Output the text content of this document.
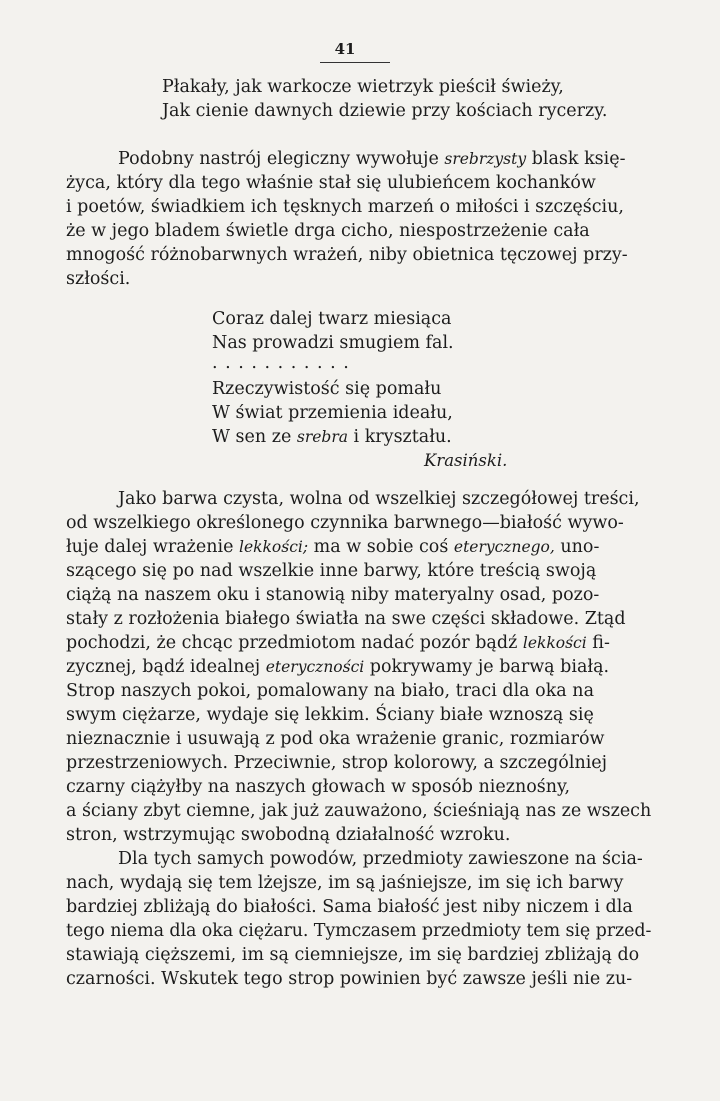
41
Płakały, jak warkocze wietrzyk pieścił świeży,
Jak cienie dawnych dziewie przy kościach rycerzy.
Podobny nastrój elegiczny wywołuje srebrzysty blask księ-
życa, który dla tego właśnie stał się ulubieńcem kochanków
i poetów, świadkiem ich tęsknych marzeń o miłości i szczęściu,
że w jego bladem świetle drga cicho, niespostrzeżenie cała
mnogość różnobarwnych wrażeń, niby obietnica tęczowej przy-
szłości.
Coraz dalej twarz miesiąca
Nas prowadzi smugiem fal.
. . . . . . . . . . .
Rzeczywistość się pomału
W świat przemienia ideału,
W sen ze srebra i kryształu.
Krasiński.
Jako barwa czysta, wolna od wszelkiej szczegółowej treści,
od wszelkiego określonego czynnika barwnego—białość wywo-
łuje dalej wrażenie lekkości; ma w sobie coś eterycznego, uno-
szącego się po nad wszelkie inne barwy, które treścią swoją
ciążą na naszem oku i stanowią niby materyalny osad, pozo-
stały z rozłożenia białego światła na swe części składowe. Ztąd
pochodzi, że chcąc przedmiotom nadać pozór bądź lekkości fi-
zycznej, bądź idealnej eteryczności pokrywamy je barwą białą.
Strop naszych pokoi, pomalowany na biało, traci dla oka na
swym ciężarze, wydaje się lekkim. Ściany białe wznoszą się
nieznacznie i usuwają z pod oka wrażenie granic, rozmiarów
przestrzeniowych. Przeciwnie, strop kolorowy, a szczególniej
czarny ciążyłby na naszych głowach w sposób nieznośny,
a ściany zbyt ciemne, jak już zauważono, ścieśniają nas ze wszech
stron, wstrzymując swobodną działalność wzroku.
Dla tych samych powodów, przedmioty zawieszone na ścia-
nach, wydają się tem lżejsze, im są jaśniejsze, im się ich barwy
bardziej zbliżają do białości. Sama białość jest niby niczem i dla
tego niema dla oka ciężaru. Tymczasem przedmioty tem się przed-
stawiają cięższemi, im są ciemniejsze, im się bardziej zbliżają do
czarności. Wskutek tego strop powinien być zawsze jeśli nie zu-
